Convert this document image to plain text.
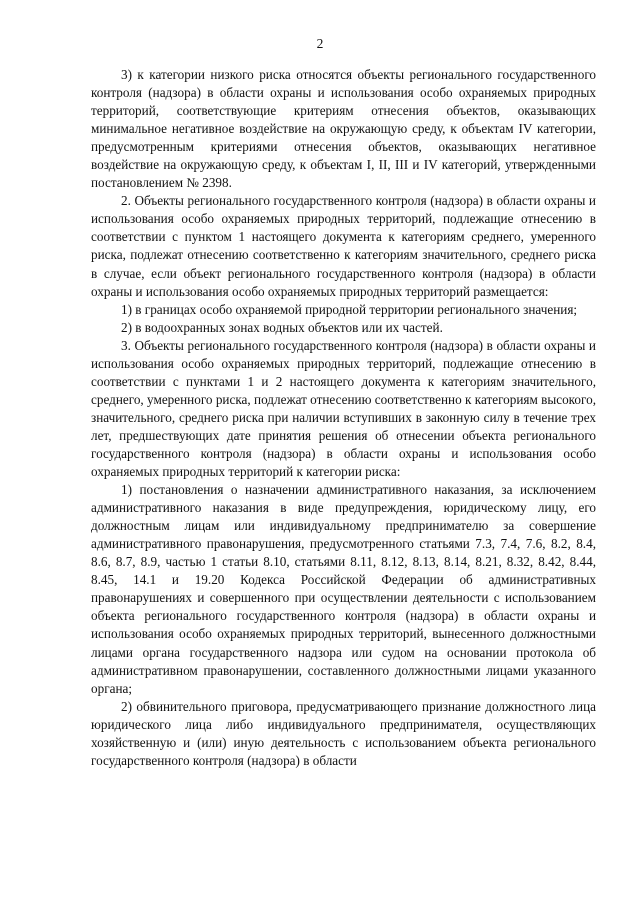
2

3) к категории низкого риска относятся объекты регионального государственного контроля (надзора) в области охраны и использования особо охраняемых природных территорий, соответствующие критериям отнесения объектов, оказывающих минимальное негативное воздействие на окружающую среду, к объектам IV категории, предусмотренным критериями отнесения объектов, оказывающих негативное воздействие на окружающую среду, к объектам I, II, III и IV категорий, утвержденными постановлением № 2398.

2. Объекты регионального государственного контроля (надзора) в области охраны и использования особо охраняемых природных территорий, подлежащие отнесению в соответствии с пунктом 1 настоящего документа к категориям среднего, умеренного риска, подлежат отнесению соответственно к категориям значительного, среднего риска в случае, если объект регионального государственного контроля (надзора) в области охраны и использования особо охраняемых природных территорий размещается:

1) в границах особо охраняемой природной территории регионального значения;

2) в водоохранных зонах водных объектов или их частей.

3. Объекты регионального государственного контроля (надзора) в области охраны и использования особо охраняемых природных территорий, подлежащие отнесению в соответствии с пунктами 1 и 2 настоящего документа к категориям значительного, среднего, умеренного риска, подлежат отнесению соответственно к категориям высокого, значительного, среднего риска при наличии вступивших в законную силу в течение трех лет, предшествующих дате принятия решения об отнесении объекта регионального государственного контроля (надзора) в области охраны и использования особо охраняемых природных территорий к категории риска:

1) постановления о назначении административного наказания, за исключением административного наказания в виде предупреждения, юридическому лицу, его должностным лицам или индивидуальному предпринимателю за совершение административного правонарушения, предусмотренного статьями 7.3, 7.4, 7.6, 8.2, 8.4, 8.6, 8.7, 8.9, частью 1 статьи 8.10, статьями 8.11, 8.12, 8.13, 8.14, 8.21, 8.32, 8.42, 8.44, 8.45, 14.1 и 19.20 Кодекса Российской Федерации об административных правонарушениях и совершенного при осуществлении деятельности с использованием объекта регионального государственного контроля (надзора) в области охраны и использования особо охраняемых природных территорий, вынесенного должностными лицами органа государственного надзора или судом на основании протокола об административном правонарушении, составленного должностными лицами указанного органа;

2) обвинительного приговора, предусматривающего признание должностного лица юридического лица либо индивидуального предпринимателя, осуществляющих хозяйственную и (или) иную деятельность с использованием объекта регионального государственного контроля (надзора) в области
